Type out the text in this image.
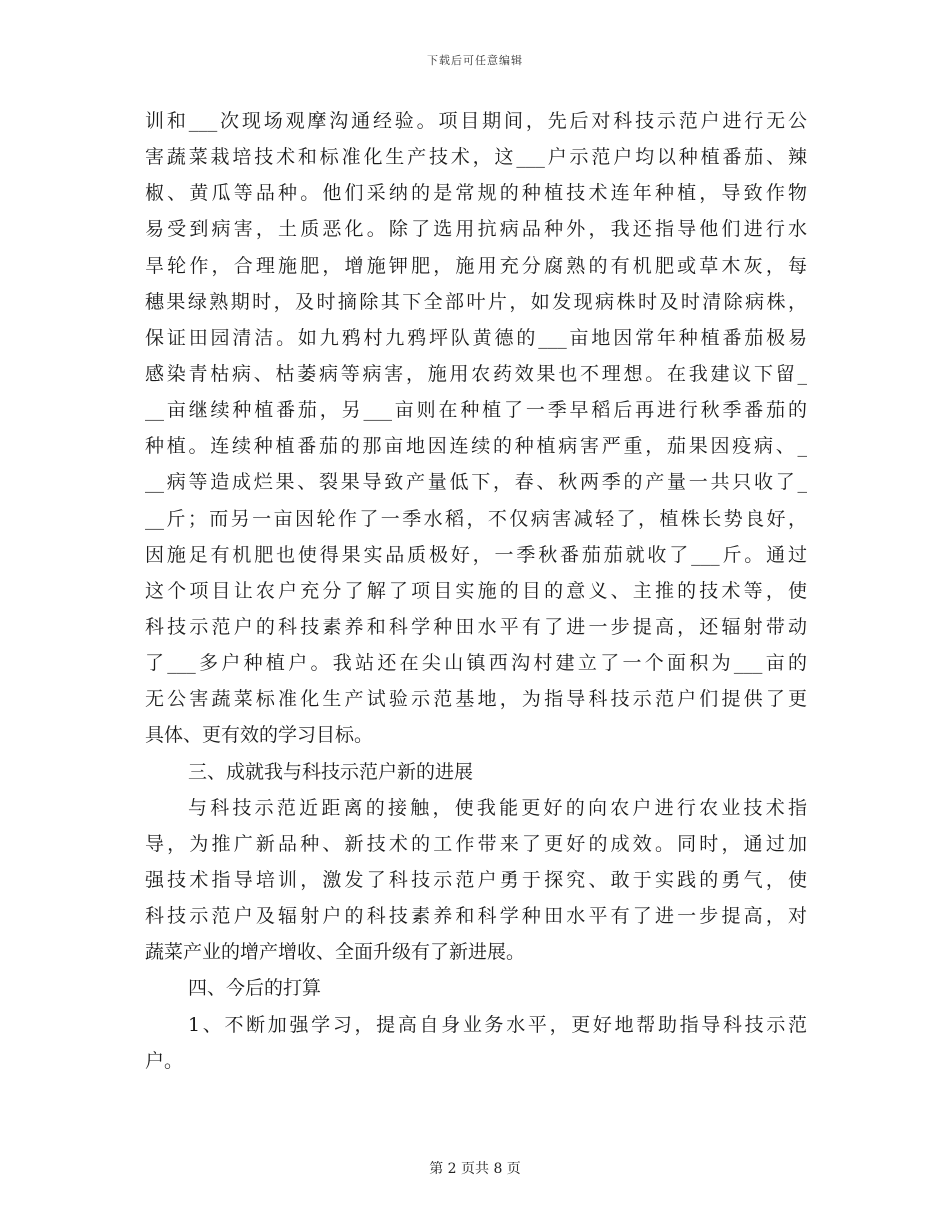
下载后可任意编辑
训和___次现场观摩沟通经验。项目期间，先后对科技示范户进行无公
害蔬菜栽培技术和标准化生产技术，这___户示范户均以种植番茄、辣
椒、黄瓜等品种。他们采纳的是常规的种植技术连年种植，导致作物
易受到病害，土质恶化。除了选用抗病品种外，我还指导他们进行水
旱轮作，合理施肥，增施钾肥，施用充分腐熟的有机肥或草木灰，每
穗果绿熟期时，及时摘除其下全部叶片，如发现病株时及时清除病株，
保证田园清洁。如九鸦村九鸦坪队黄德的___亩地因常年种植番茄极易
感染青枯病、枯萎病等病害，施用农药效果也不理想。在我建议下留_
__亩继续种植番茄，另___亩则在种植了一季早稻后再进行秋季番茄的
种植。连续种植番茄的那亩地因连续的种植病害严重，茄果因疫病、_
__病等造成烂果、裂果导致产量低下，春、秋两季的产量一共只收了_
__斤；而另一亩因轮作了一季水稻，不仅病害减轻了，植株长势良好，
因施足有机肥也使得果实品质极好，一季秋番茄茄就收了___斤。通过
这个项目让农户充分了解了项目实施的目的意义、主推的技术等，使
科技示范户的科技素养和科学种田水平有了进一步提高，还辐射带动
了___多户种植户。我站还在尖山镇西沟村建立了一个面积为___亩的
无公害蔬菜标准化生产试验示范基地，为指导科技示范户们提供了更
具体、更有效的学习目标。
三、成就我与科技示范户新的进展
与科技示范近距离的接触，使我能更好的向农户进行农业技术指
导，为推广新品种、新技术的工作带来了更好的成效。同时，通过加
强技术指导培训，激发了科技示范户勇于探究、敢于实践的勇气，使
科技示范户及辐射户的科技素养和科学种田水平有了进一步提高，对
蔬菜产业的增产增收、全面升级有了新进展。
四、今后的打算
1、不断加强学习，提高自身业务水平，更好地帮助指导科技示范
户。
第 2 页共 8 页
